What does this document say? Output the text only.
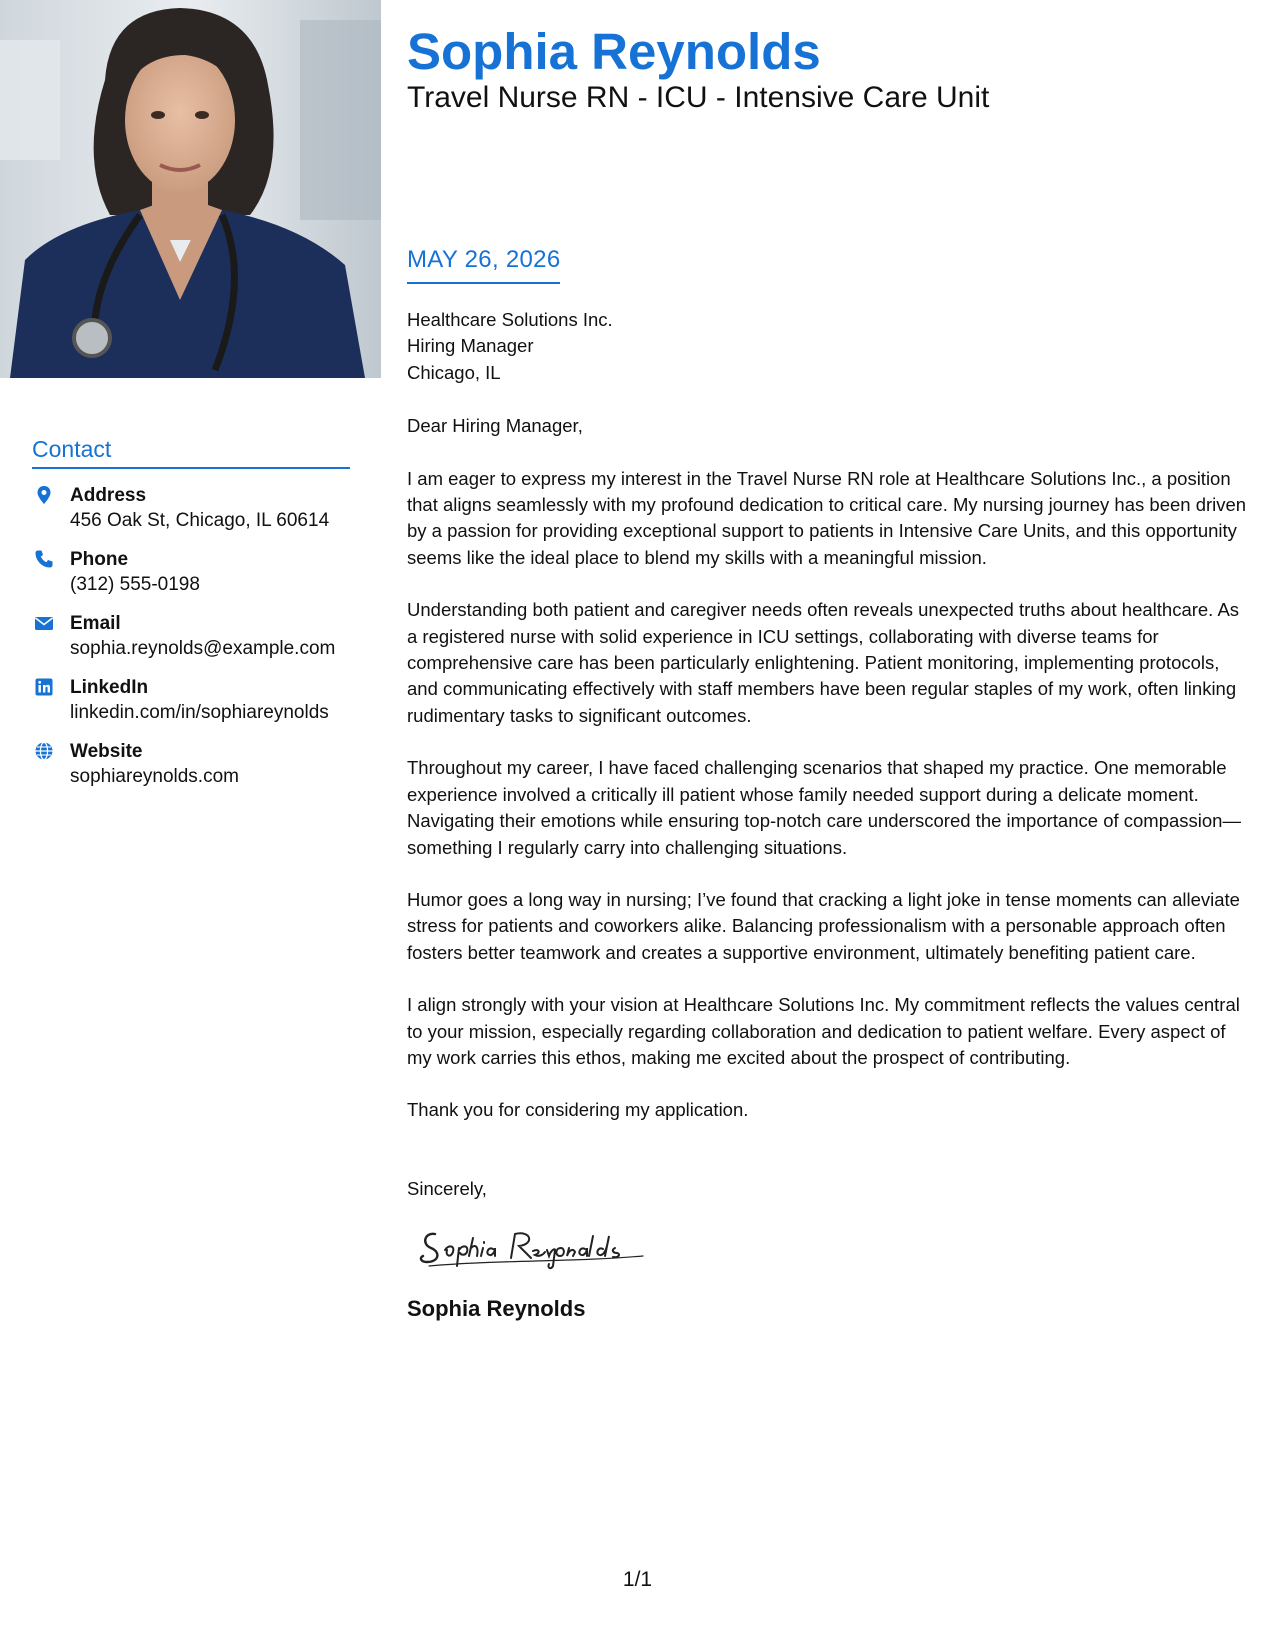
Sophia Reynolds
Travel Nurse RN - ICU - Intensive Care Unit
MAY 26, 2026
Contact
Address
456 Oak St, Chicago, IL 60614
Phone
(312) 555-0198
Email
sophia.reynolds@example.com
LinkedIn
linkedin.com/in/sophiareynolds
Website
sophiareynolds.com
Healthcare Solutions Inc.
Hiring Manager
Chicago, IL
Dear Hiring Manager,

I am eager to express my interest in the Travel Nurse RN role at Healthcare Solutions Inc., a position that aligns seamlessly with my profound dedication to critical care. My nursing journey has been driven by a passion for providing exceptional support to patients in Intensive Care Units, and this opportunity seems like the ideal place to blend my skills with a meaningful mission.

Understanding both patient and caregiver needs often reveals unexpected truths about healthcare. As a registered nurse with solid experience in ICU settings, collaborating with diverse teams for comprehensive care has been particularly enlightening. Patient monitoring, implementing protocols, and communicating effectively with staff members have been regular staples of my work, often linking rudimentary tasks to significant outcomes.

Throughout my career, I have faced challenging scenarios that shaped my practice. One memorable experience involved a critically ill patient whose family needed support during a delicate moment. Navigating their emotions while ensuring top-notch care underscored the importance of compassion—something I regularly carry into challenging situations.

Humor goes a long way in nursing; I’ve found that cracking a light joke in tense moments can alleviate stress for patients and coworkers alike. Balancing professionalism with a personable approach often fosters better teamwork and creates a supportive environment, ultimately benefiting patient care.

I align strongly with your vision at Healthcare Solutions Inc. My commitment reflects the values central to your mission, especially regarding collaboration and dedication to patient welfare. Every aspect of my work carries this ethos, making me excited about the prospect of contributing.

Thank you for considering my application.

Sincerely,
Sophia Reynolds
1/1
